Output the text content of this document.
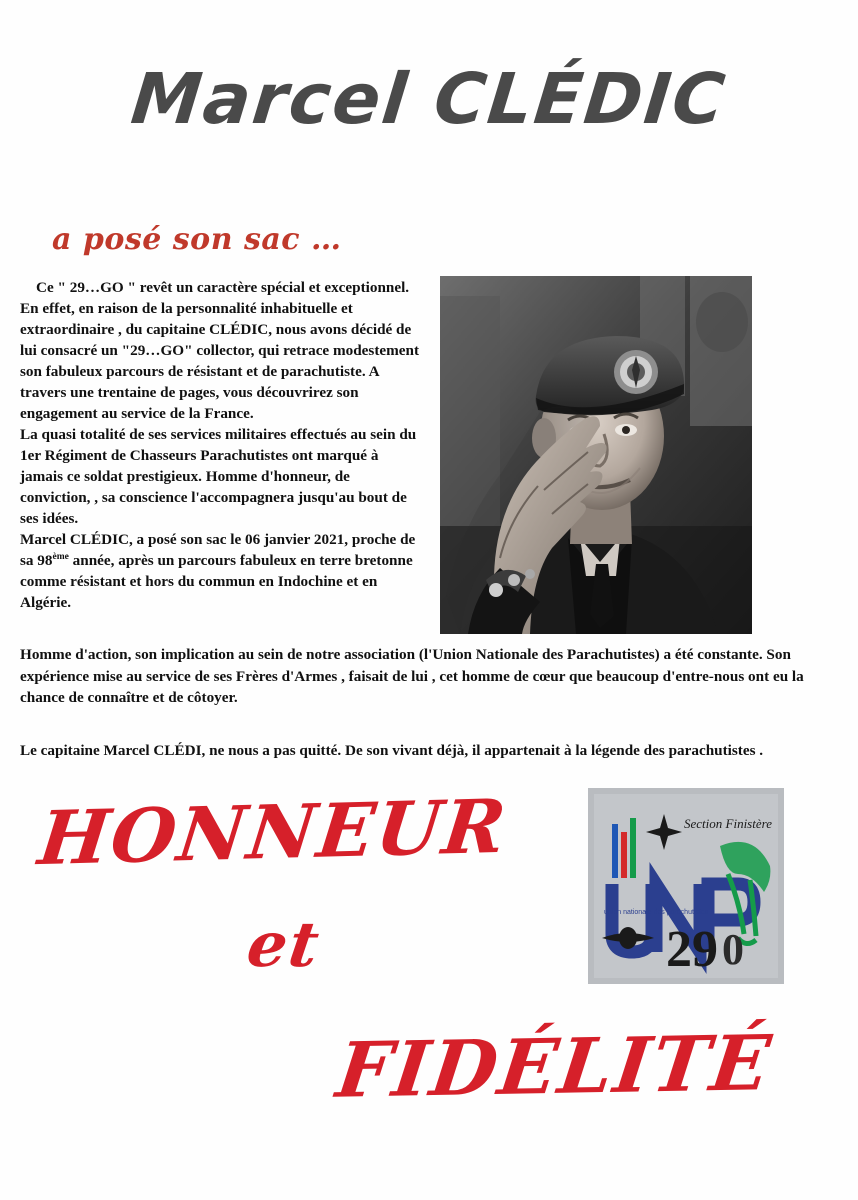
Marcel CLÉDIC
a posé son sac …

Ce " 29…GO " revêt un caractère spécial et exceptionnel. En effet, en raison de la personnalité inhabituelle et extraordinaire , du capitaine CLÉDIC, nous avons décidé de lui consacré un "29…GO" collector, qui retrace modestement son fabuleux parcours de résistant et de parachutiste. A travers une trentaine de pages, vous découvrirez son engagement au service de la France.

La quasi totalité de ses services militaires effectués au sein du 1er Régiment de Chasseurs Parachutistes ont marqué à jamais ce soldat prestigieux. Homme d'honneur, de conviction, , sa conscience l'accompagnera jusqu'au bout de ses idées.

Marcel CLÉDIC, a posé son sac le 06 janvier 2021, proche de sa 98ème année, après un parcours fabuleux en terre bretonne comme résistant et hors du commun en Indochine et en Algérie.

Homme d'action, son implication au sein de notre association (l'Union Nationale des Parachutistes) a été constante. Son expérience mise au service de ses Frères d'Armes , faisait de lui , cet homme de cœur que beaucoup d'entre-nous ont eu la chance de connaître et de côtoyer.
Le capitaine Marcel CLÉDI, ne nous a pas quitté. De son vivant déjà, il appartenait à la légende des parachutistes .
HONNEUR
et
FIDÉLITÉ
29 0
Section Finistère
union nationale des parachutistes
